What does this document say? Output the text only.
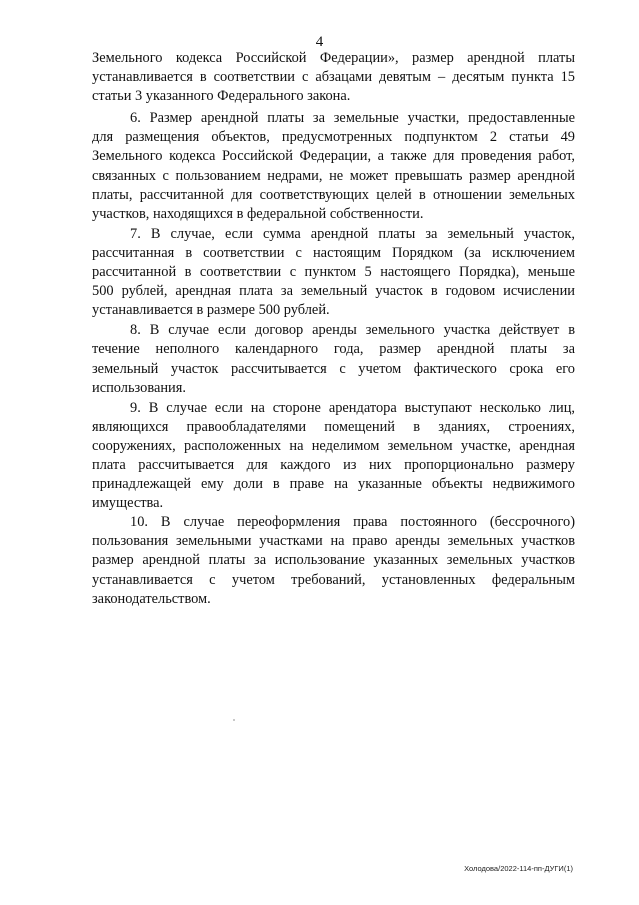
4
Земельного кодекса Российской Федерации», размер арендной платы
устанавливается в соответствии с абзацами девятым – десятым пункта 15
статьи 3 указанного Федерального закона.
6. Размер арендной платы за земельные участки, предоставленные
для размещения объектов, предусмотренных подпунктом 2 статьи 49
Земельного кодекса Российской Федерации, а также для проведения работ,
связанных с пользованием недрами, не может превышать размер арендной
платы, рассчитанной для соответствующих целей в отношении земельных
участков, находящихся в федеральной собственности.
7. В случае, если сумма арендной платы за земельный участок,
рассчитанная в соответствии с настоящим Порядком (за исключением
рассчитанной в соответствии с пунктом 5 настоящего Порядка), меньше
500 рублей, арендная плата за земельный участок в годовом исчислении
устанавливается в размере 500 рублей.
8. В случае если договор аренды земельного участка действует в
течение неполного календарного года, размер арендной платы за
земельный участок рассчитывается с учетом фактического срока его
использования.
9. В случае если на стороне арендатора выступают несколько лиц,
являющихся правообладателями помещений в зданиях, строениях,
сооружениях, расположенных на неделимом земельном участке, арендная
плата рассчитывается для каждого из них пропорционально размеру
принадлежащей ему доли в праве на указанные объекты недвижимого
имущества.
10. В случае переоформления права постоянного (бессрочного)
пользования земельными участками на право аренды земельных участков
размер арендной платы за использование указанных земельных участков
устанавливается с учетом требований, установленных федеральным
законодательством.
Холодова/2022-114-пп-ДУГИ(1)
